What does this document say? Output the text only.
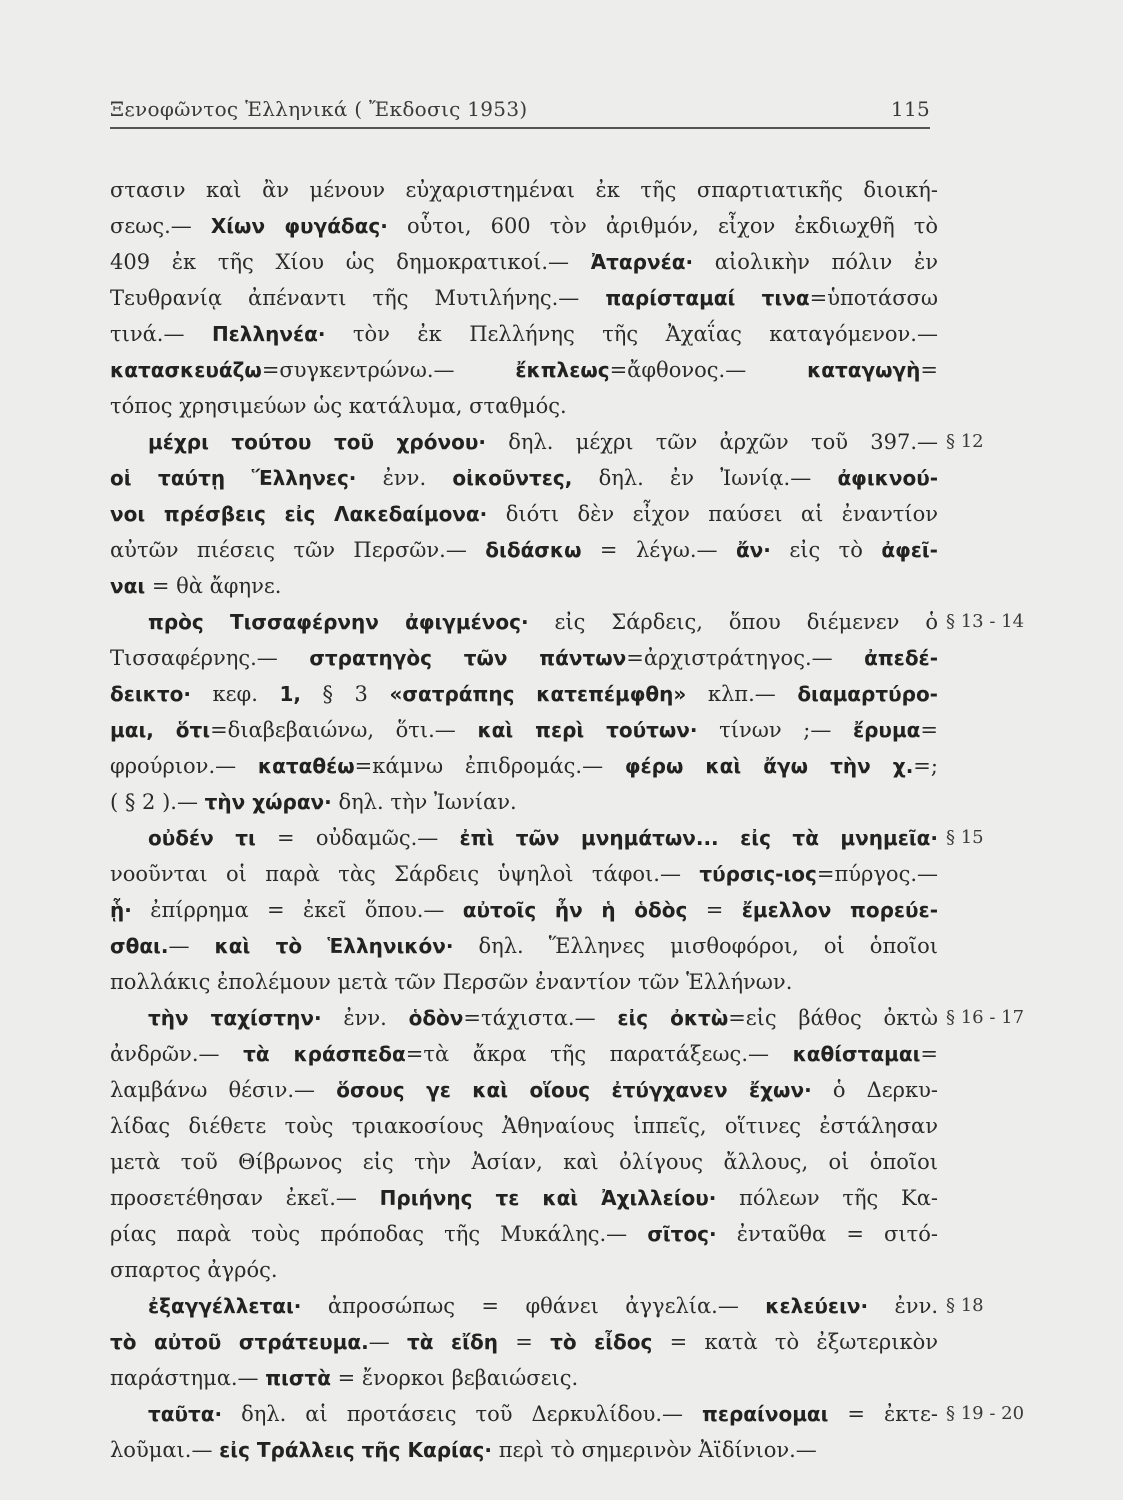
Ξενοφῶντος Ἑλληνικά ( Ἔκδοσις 1953)	115
στασιν καὶ ἂν μένουν εὐχαριστημέναι ἐκ τῆς σπαρτιατικῆς διοική-
σεως.— Χίων φυγάδας· οὗτοι, 600 τὸν ἀριθμόν, εἶχον ἐκδιωχθῆ τὸ
409 ἐκ τῆς Χίου ὡς δημοκρατικοί.— Ἀταρνέα· αἰολικὴν πόλιν ἐν
Τευθρανίᾳ ἀπέναντι τῆς Μυτιλήνης.— παρίσταμαί τινα=ὑποτάσσω
τινά.— Πελληνέα· τὸν ἐκ Πελλήνης τῆς Ἀχαΐας καταγόμενον.—
κατασκευάζω=συγκεντρώνω.— ἔκπλεως=ἄφθονος.— καταγωγὴ=
τόπος χρησιμεύων ὡς κατάλυμα, σταθμός.
μέχρι τούτου τοῦ χρόνου· δηλ. μέχρι τῶν ἀρχῶν τοῦ 397.— § 12
οἱ ταύτῃ Ἕλληνες· ἐνν. οἰκοῦντες, δηλ. ἐν Ἰωνίᾳ.— ἀφικνού-
νοι πρέσβεις εἰς Λακεδαίμονα· διότι δὲν εἶχον παύσει αἱ ἐναντίον
αὐτῶν πιέσεις τῶν Περσῶν.— διδάσκω = λέγω.— ἄν· εἰς τὸ ἀφεῖ-
ναι = θὰ ἄφηνε.
πρὸς Τισσαφέρνην ἀφιγμένος· εἰς Σάρδεις, ὅπου διέμενεν ὁ § 13 - 14
Τισσαφέρνης.— στρατηγὸς τῶν πάντων=ἀρχιστράτηγος.— ἀπεδέ-
δεικτο· κεφ. 1, § 3 «σατράπης κατεπέμφθη» κλπ.— διαμαρτύρο-
μαι, ὅτι=διαβεβαιώνω, ὅτι.— καὶ περὶ τούτων· τίνων ;— ἔρυμα=
φρούριον.— καταθέω=κάμνω ἐπιδρομάς.— φέρω καὶ ἄγω τὴν χ.=;
( § 2 ).— τὴν χώραν· δηλ. τὴν Ἰωνίαν.
οὐδέν τι = οὐδαμῶς.— ἐπὶ τῶν μνημάτων... εἰς τὰ μνημεῖα· § 15
νοοῦνται οἱ παρὰ τὰς Σάρδεις ὑψηλοὶ τάφοι.— τύρσις-ιος=πύργος.—
ᾗ· ἐπίρρημα = ἐκεῖ ὅπου.— αὐτοῖς ἦν ἡ ὁδὸς = ἔμελλον πορεύε-
σθαι.— καὶ τὸ Ἑλληνικόν· δηλ. Ἕλληνες μισθοφόροι, οἱ ὁποῖοι
πολλάκις ἐπολέμουν μετὰ τῶν Περσῶν ἐναντίον τῶν Ἑλλήνων.
τὴν ταχίστην· ἐνν. ὁδὸν=τάχιστα.— εἰς ὀκτὼ=εἰς βάθος ὀκτὼ § 16 - 17
ἀνδρῶν.— τὰ κράσπεδα=τὰ ἄκρα τῆς παρατάξεως.— καθίσταμαι=
λαμβάνω θέσιν.— ὅσους γε καὶ οἵους ἐτύγχανεν ἔχων· ὁ Δερκυ-
λίδας διέθετε τοὺς τριακοσίους Ἀθηναίους ἱππεῖς, οἵτινες ἐστάλησαν
μετὰ τοῦ Θίβρωνος εἰς τὴν Ἀσίαν, καὶ ὀλίγους ἄλλους, οἱ ὁποῖοι
προσετέθησαν ἐκεῖ.— Πριήνης τε καὶ Ἀχιλλείου· πόλεων τῆς Κα-
ρίας παρὰ τοὺς πρόποδας τῆς Μυκάλης.— σῖτος· ἐνταῦθα = σιτό-
σπαρτος ἀγρός.
ἐξαγγέλλεται· ἀπροσώπως = φθάνει ἀγγελία.— κελεύειν· ἐνν. § 18
τὸ αὐτοῦ στράτευμα.— τὰ εἴδη = τὸ εἶδος = κατὰ τὸ ἐξωτερικὸν
παράστημα.— πιστὰ = ἔνορκοι βεβαιώσεις.
ταῦτα· δηλ. αἱ προτάσεις τοῦ Δερκυλίδου.— περαίνομαι = ἐκτε- § 19 - 20
λοῦμαι.— εἰς Τράλλεις τῆς Καρίας· περὶ τὸ σημερινὸν Ἀϊδίνιον.—
